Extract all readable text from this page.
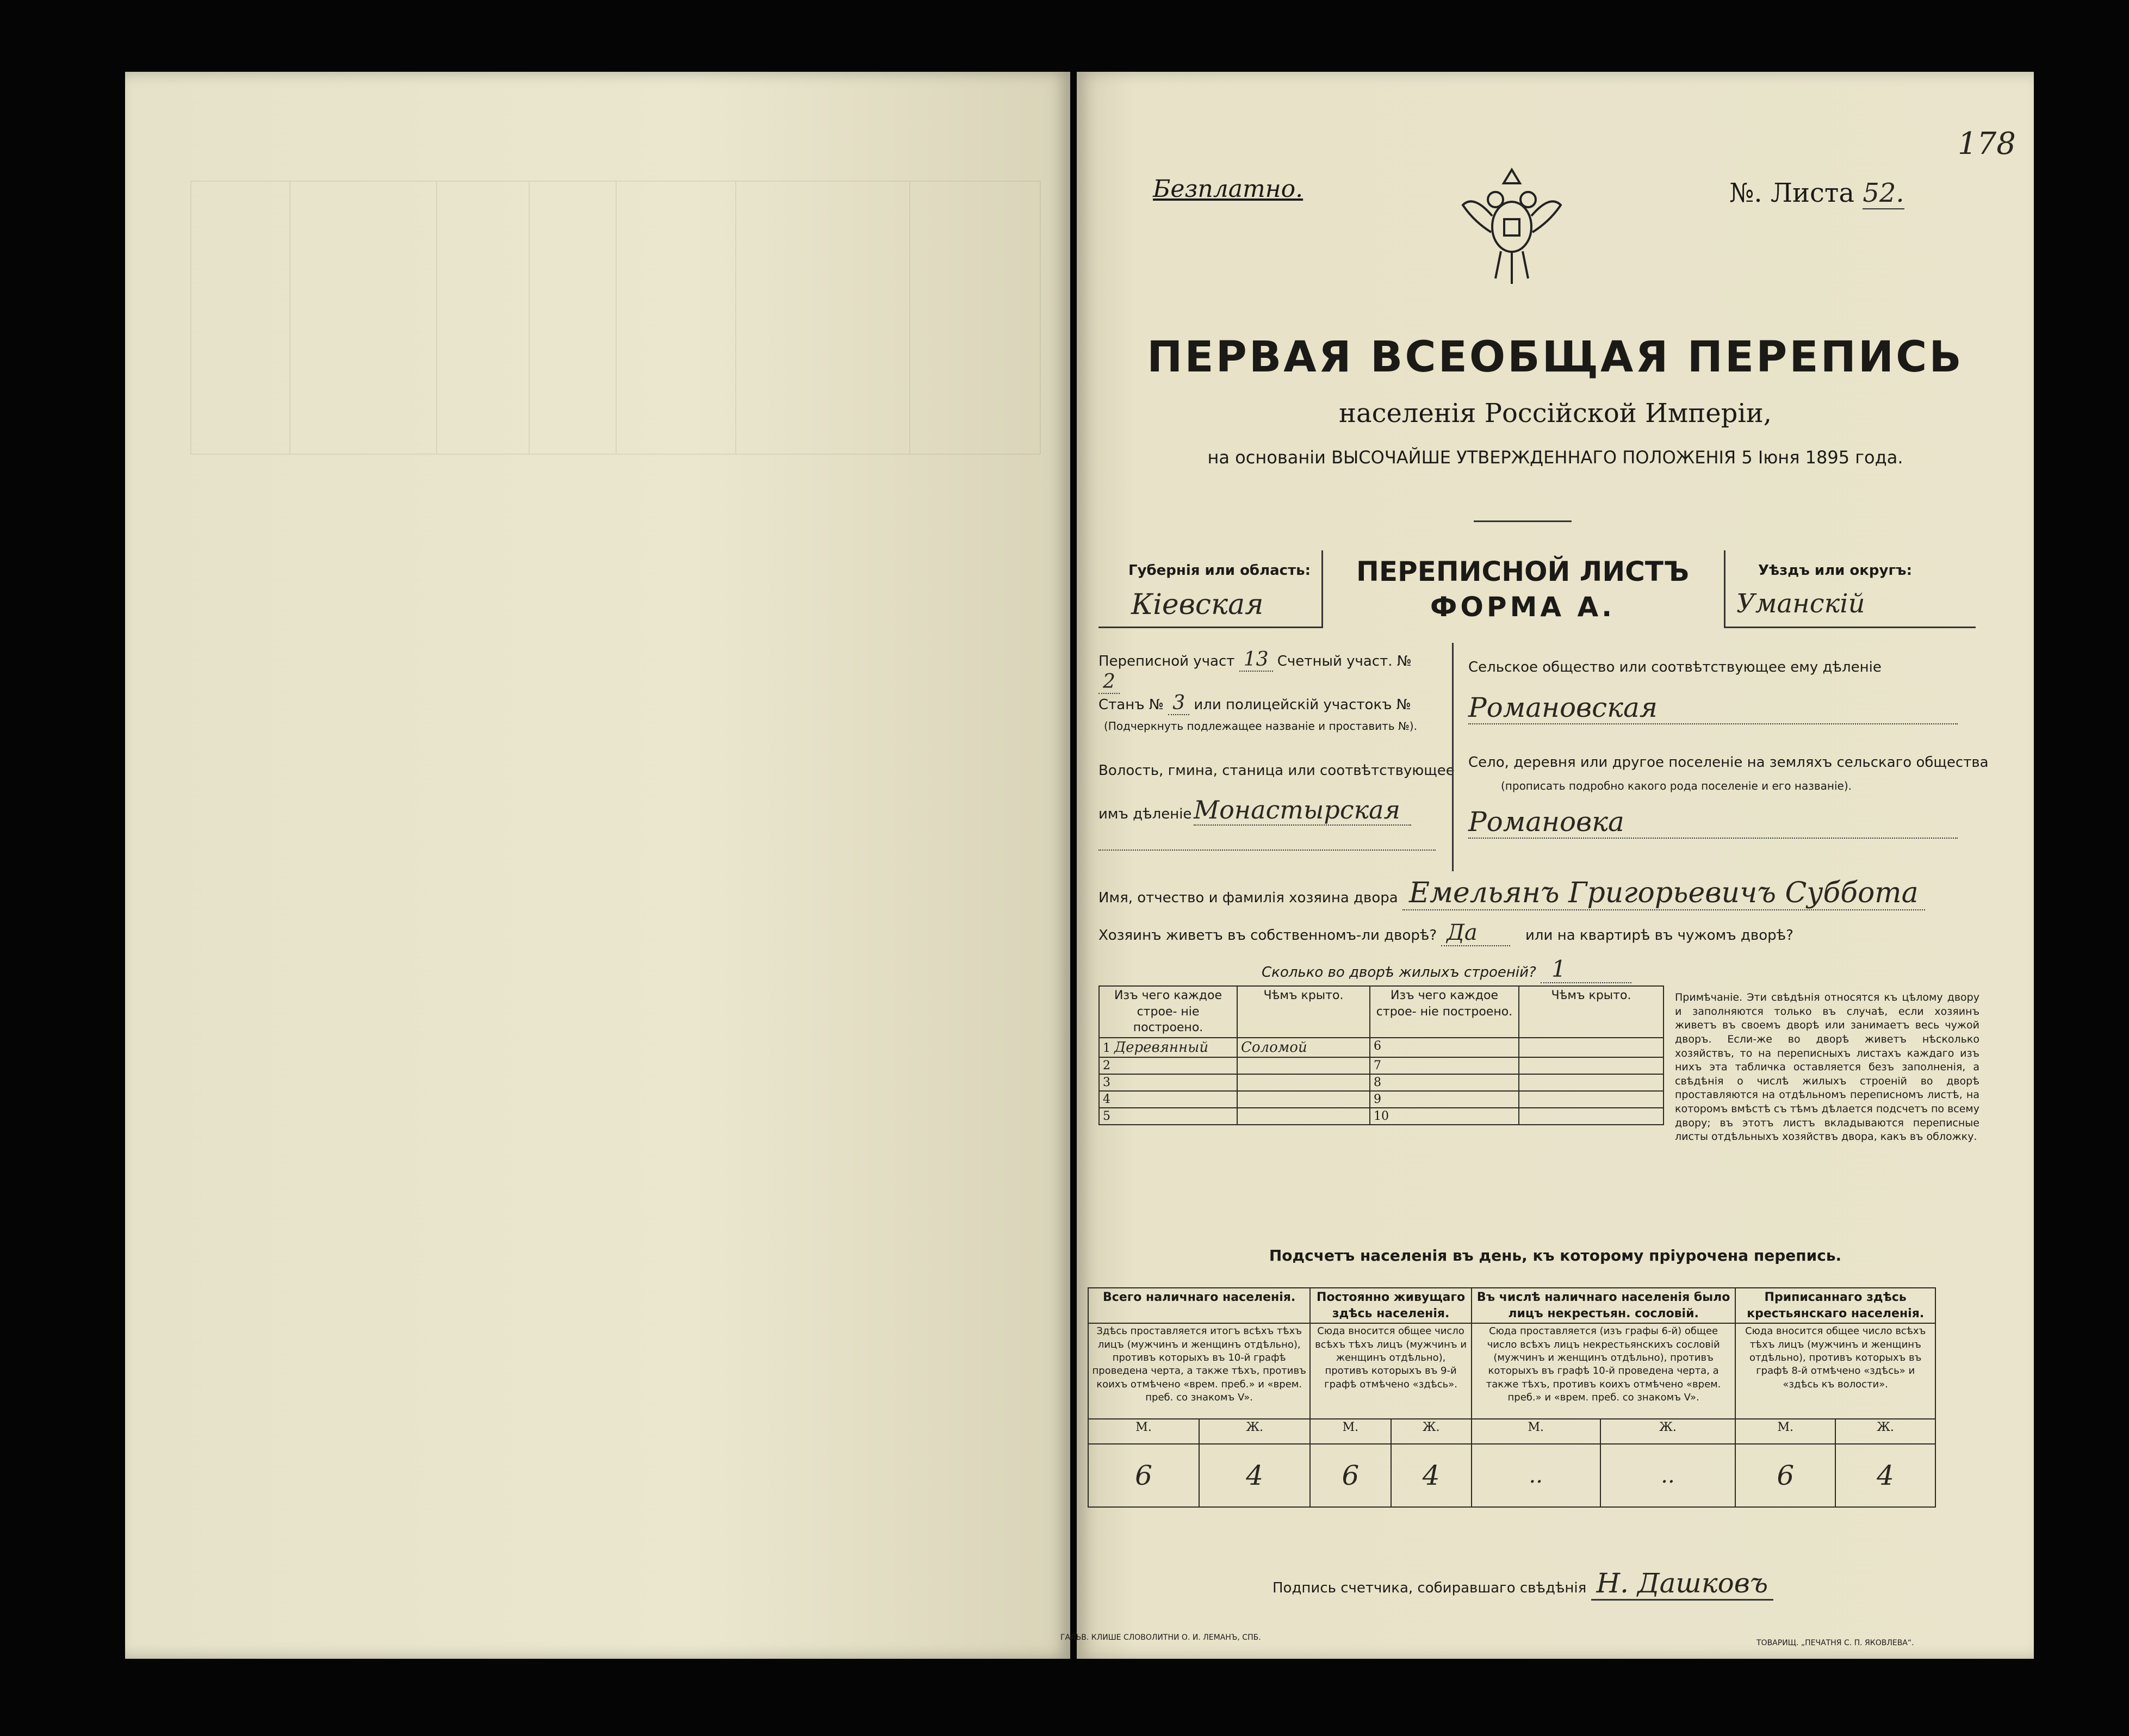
178
Безплатно.	№. Листа 52.
ПЕРВАЯ ВСЕОБЩАЯ ПЕРЕПИСЬ
населенія Россійской Имперіи,
на основаніи ВЫСОЧАЙШЕ УТВЕРЖДЕННАГО ПОЛОЖЕНІЯ 5 Іюня 1895 года.
Губернія или область:
Кіевская
ПЕРЕПИСНОЙ ЛИСТЪ
ФОРМА А.
Уѣздъ или округъ:
Уманскій
Переписной участ 13 Счетный участ. № 2
Станъ № 3 или полицейскій участокъ №
(Подчеркнуть подлежащее названіе и проставить №).
Волость, гмина, станица или соотвѣтствующее
имъ дѣленіе Монастырская
Сельское общество или соотвѣтствующее ему дѣленіе
Романовская
Село, деревня или другое поселеніе на земляхъ сельскаго общества
(прописать подробно какого рода поселеніе и его названіе).
Романовка
Имя, отчество и фамилія хозяина двора Емельянъ Григорьевичъ Суббота
Хозяинъ живетъ въ собственномъ-ли дворѣ? Да	или на квартирѣ въ чужомъ дворѣ?
Сколько во дворѣ жилыхъ строеній? 1
Изъ чего каждое строе- ніе построено.	Чѣмъ крыто.	Изъ чего каждое строе- ніе построено.	Чѣмъ крыто.
1 Деревянный	Соломой	6	
2		7	
3		8	
4		9	
5		10	
Примѣчаніе. Эти свѣдѣнія относятся къ цѣлому двору и заполняются только въ случаѣ, если хозяинъ живетъ въ своемъ дворѣ или занимаетъ весь чужой дворъ. Если-же во дворѣ живетъ нѣсколько хозяйствъ, то на переписныхъ листахъ каждаго изъ нихъ эта табличка оставляется безъ заполненія, а свѣдѣнія о числѣ жилыхъ строеній во дворѣ проставляются на отдѣльномъ переписномъ листѣ, на которомъ вмѣстѣ съ тѣмъ дѣлается подсчетъ по всему двору; въ этотъ листъ вкладываются переписные листы отдѣльныхъ хозяйствъ двора, какъ въ обложку.
Подсчетъ населенія въ день, къ которому пріурочена перепись.
Всего наличнаго населенія.		Постоянно живущаго здѣсь населенія.		Въ числѣ наличнаго населенія было лицъ некрестьян. сословій.		Приписаннаго здѣсь крестьянскаго населенія.	
Здѣсь проставляется итогъ всѣхъ тѣхъ лицъ (мужчинъ и женщинъ отдѣльно), противъ которыхъ въ 10-й графѣ проведена черта, а также тѣхъ, противъ коихъ отмѣчено «врем. преб.» и «врем. преб. со знакомъ V».		Сюда вносится общее число всѣхъ тѣхъ лицъ (мужчинъ и женщинъ отдѣльно), противъ которыхъ въ 9-й графѣ отмѣчено «здѣсь».		Сюда проставляется (изъ графы 6-й) общее число всѣхъ лицъ некрестьянскихъ сословій (мужчинъ и женщинъ отдѣльно), противъ которыхъ въ графѣ 10-й проведена черта, а также тѣхъ, противъ коихъ отмѣчено «врем. преб.» и «врем. преб. со знакомъ V».		Сюда вносится общее число всѣхъ тѣхъ лицъ (мужчинъ и женщинъ отдѣльно), противъ которыхъ въ графѣ 8-й отмѣчено «здѣсь» и «здѣсь къ волости».	
М.	Ж.	М.	Ж.	М.	Ж.	М.	Ж.
6	4	6	4	..	..	6	4
Подпись счетчика, собиравшаго свѣдѣнія Н. Дашковъ
ГАЛЬВ. КЛИШЕ СЛОВОЛИТНИ О. И. ЛЕМАНЪ, СПБ.
ТОВАРИЩ. „ПЕЧАТНЯ С. П. ЯКОВЛЕВА“.
